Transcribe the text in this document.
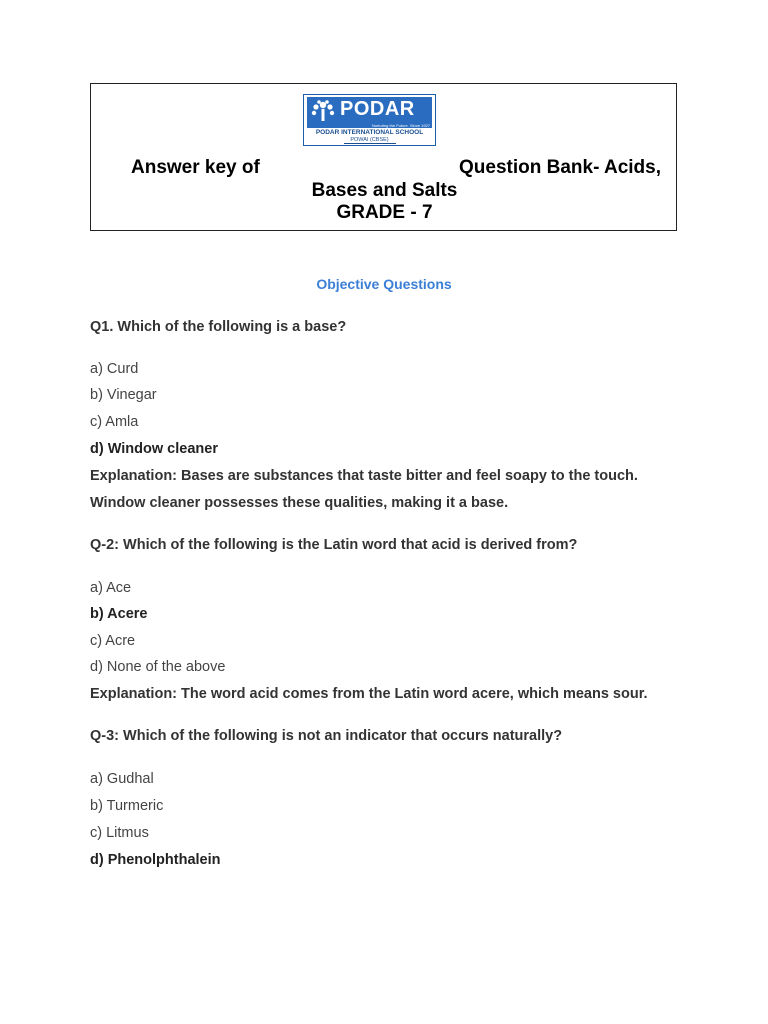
PODAR
Nurturing the Future. Since 1927
PODAR INTERNATIONAL SCHOOL
POWAI (CBSE)
Answer key of	Question Bank- Acids,
Bases and Salts
GRADE - 7
Objective Questions
Q1. Which of the following is a base?
a) Curd
b) Vinegar
c) Amla
d) Window cleaner
Explanation: Bases are substances that taste bitter and feel soapy to the touch.
Window cleaner possesses these qualities, making it a base.
Q-2: Which of the following is the Latin word that acid is derived from?
a) Ace
b) Acere
c) Acre
d) None of the above
Explanation: The word acid comes from the Latin word acere, which means sour.
Q-3: Which of the following is not an indicator that occurs naturally?
a) Gudhal
b) Turmeric
c) Litmus
d) Phenolphthalein
